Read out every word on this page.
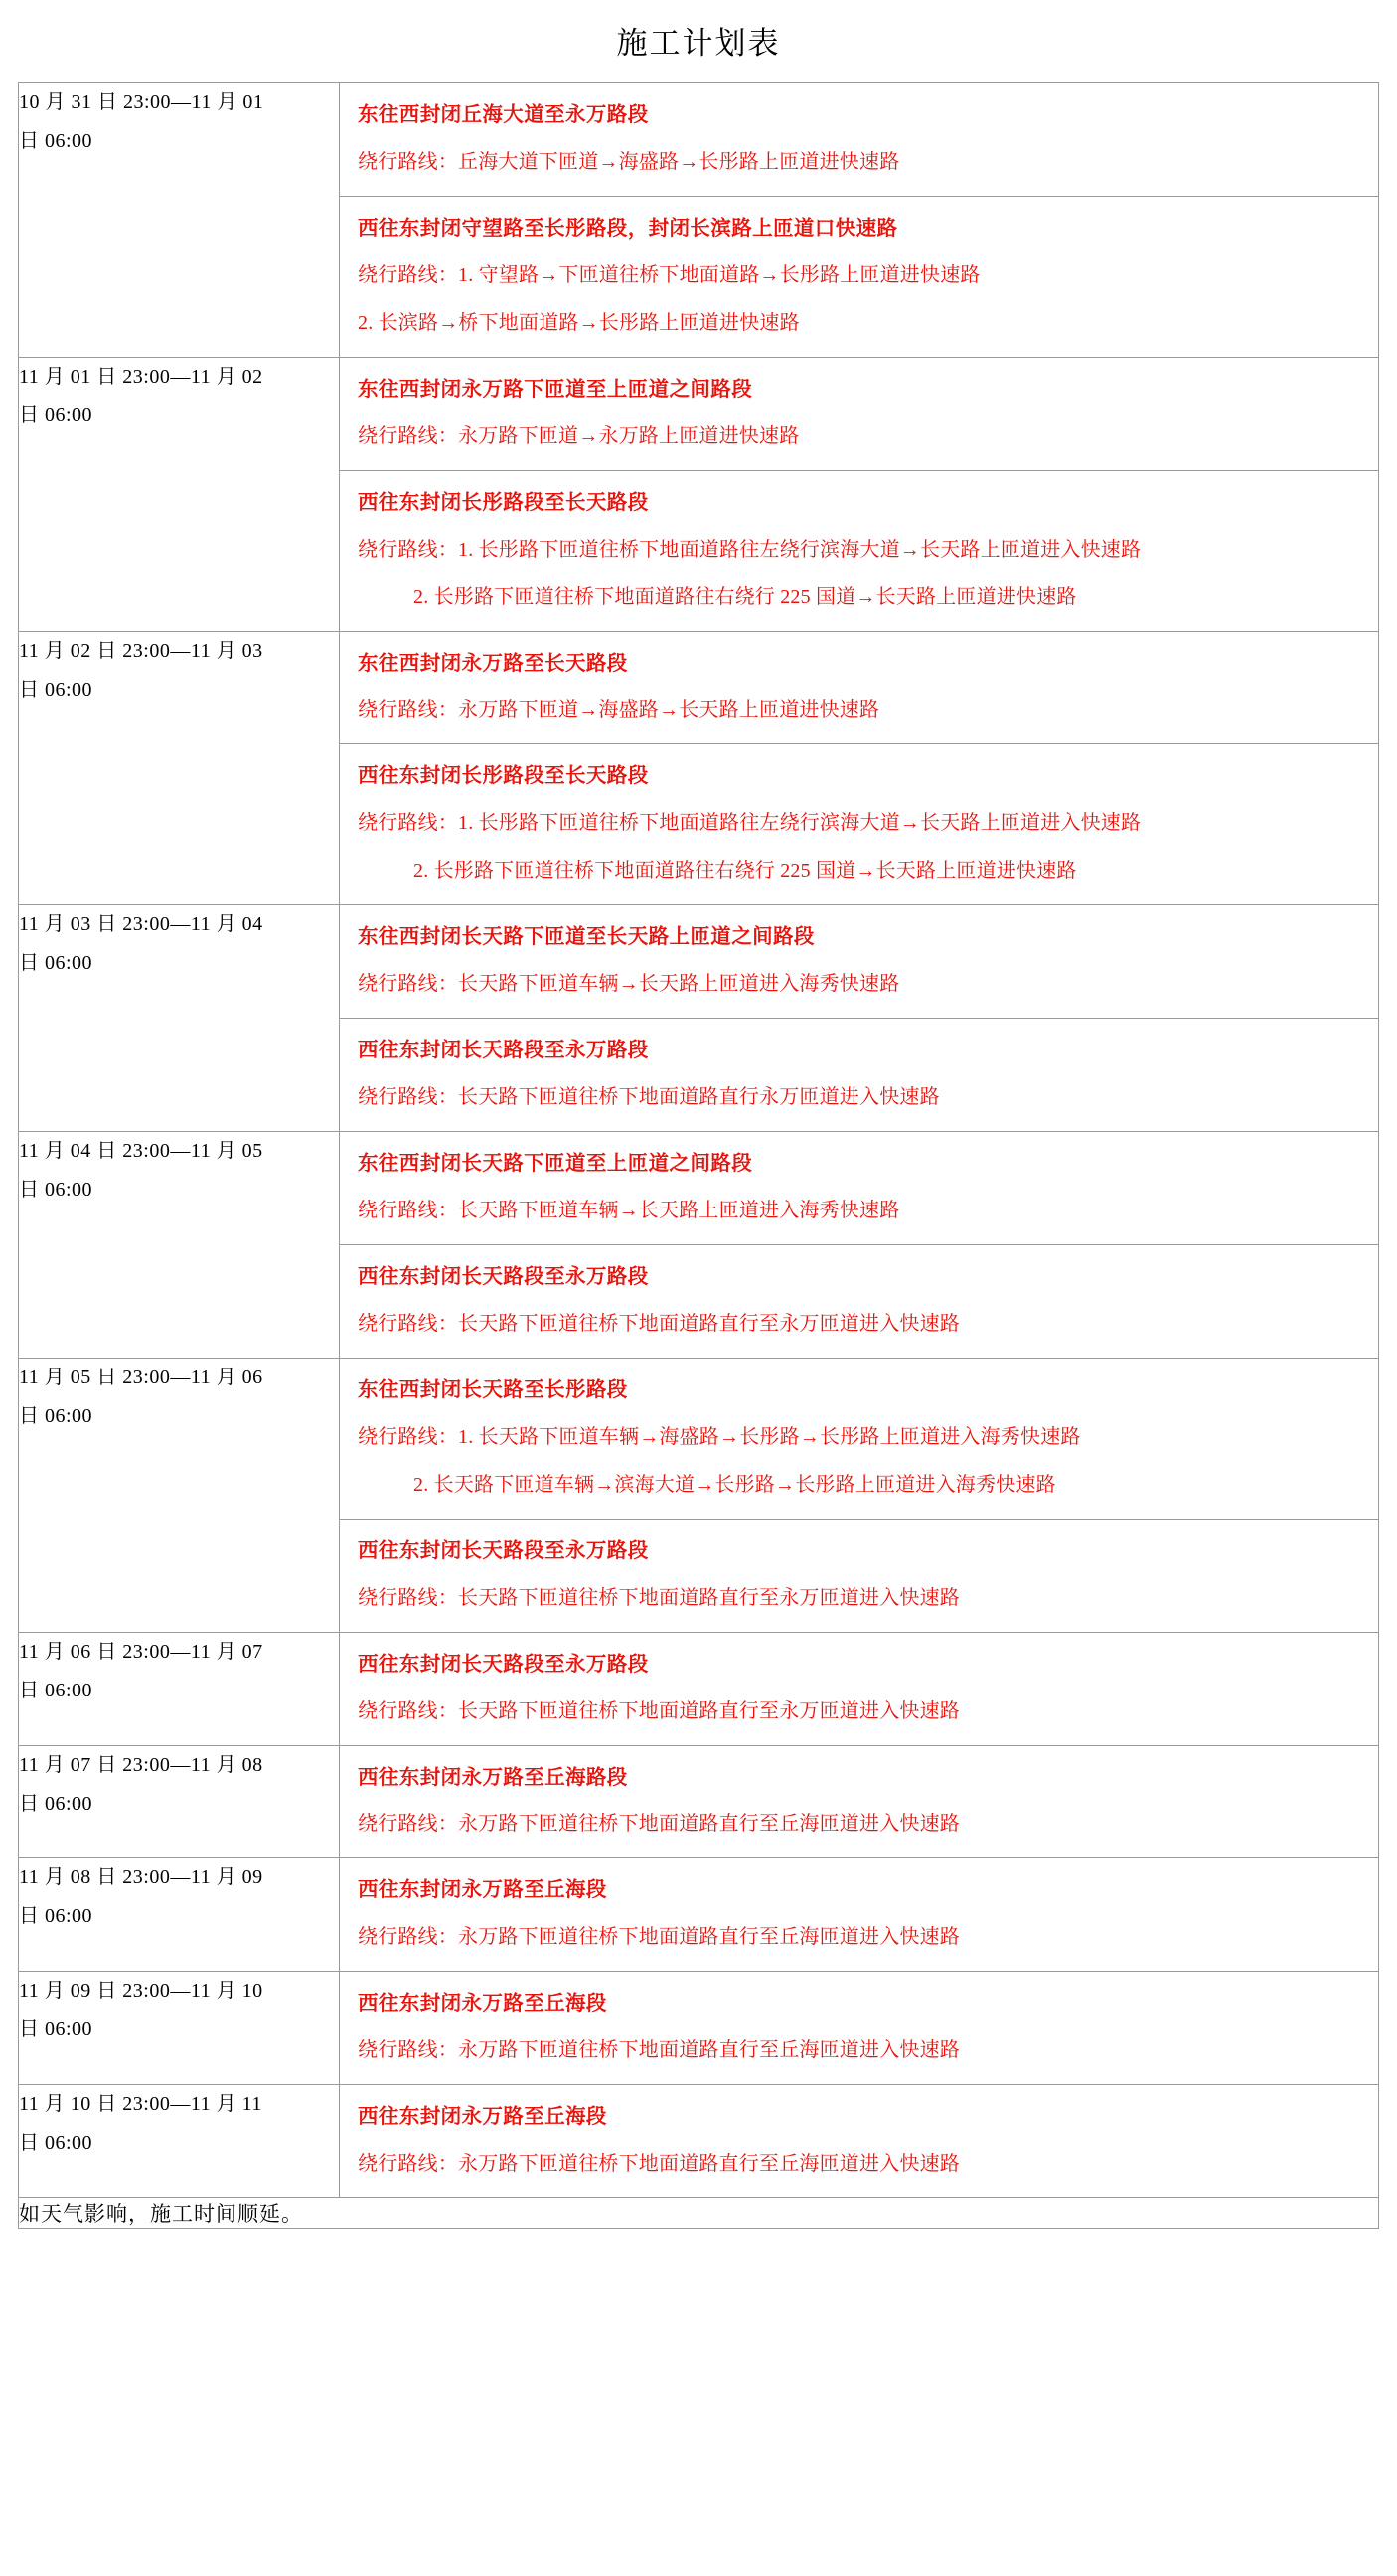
施工计划表
10 月 31 日 23:00—11 月 01
日 06:00

东往西封闭丘海大道至永万路段
绕行路线：丘海大道下匝道→海盛路→长彤路上匝道进快速路
西往东封闭守望路至长彤路段，封闭长滨路上匝道口快速路
绕行路线：1. 守望路→下匝道往桥下地面道路→长彤路上匝道进快速路
2. 长滨路→桥下地面道路→长彤路上匝道进快速路

11 月 01 日 23:00—11 月 02
日 06:00

东往西封闭永万路下匝道至上匝道之间路段
绕行路线：永万路下匝道→永万路上匝道进快速路
西往东封闭长彤路段至长天路段
绕行路线：1. 长彤路下匝道往桥下地面道路往左绕行滨海大道→长天路上匝道进入快速路
2. 长彤路下匝道往桥下地面道路往右绕行 225 国道→长天路上匝道进快速路

11 月 02 日 23:00—11 月 03
日 06:00

东往西封闭永万路至长天路段
绕行路线：永万路下匝道→海盛路→长天路上匝道进快速路
西往东封闭长彤路段至长天路段
绕行路线：1. 长彤路下匝道往桥下地面道路往左绕行滨海大道→长天路上匝道进入快速路
2. 长彤路下匝道往桥下地面道路往右绕行 225 国道→长天路上匝道进快速路

11 月 03 日 23:00—11 月 04
日 06:00

东往西封闭长天路下匝道至长天路上匝道之间路段
绕行路线：长天路下匝道车辆→长天路上匝道进入海秀快速路
西往东封闭长天路段至永万路段
绕行路线：长天路下匝道往桥下地面道路直行永万匝道进入快速路

11 月 04 日 23:00—11 月 05
日 06:00

东往西封闭长天路下匝道至上匝道之间路段
绕行路线：长天路下匝道车辆→长天路上匝道进入海秀快速路
西往东封闭长天路段至永万路段
绕行路线：长天路下匝道往桥下地面道路直行至永万匝道进入快速路

11 月 05 日 23:00—11 月 06
日 06:00

东往西封闭长天路至长彤路段
绕行路线：1. 长天路下匝道车辆→海盛路→长彤路→长彤路上匝道进入海秀快速路
2. 长天路下匝道车辆→滨海大道→长彤路→长彤路上匝道进入海秀快速路
西往东封闭长天路段至永万路段
绕行路线：长天路下匝道往桥下地面道路直行至永万匝道进入快速路

11 月 06 日 23:00—11 月 07
日 06:00

西往东封闭长天路段至永万路段
绕行路线：长天路下匝道往桥下地面道路直行至永万匝道进入快速路

11 月 07 日 23:00—11 月 08
日 06:00

西往东封闭永万路至丘海路段
绕行路线：永万路下匝道往桥下地面道路直行至丘海匝道进入快速路

11 月 08 日 23:00—11 月 09
日 06:00

西往东封闭永万路至丘海段
绕行路线：永万路下匝道往桥下地面道路直行至丘海匝道进入快速路

11 月 09 日 23:00—11 月 10
日 06:00

西往东封闭永万路至丘海段
绕行路线：永万路下匝道往桥下地面道路直行至丘海匝道进入快速路

11 月 10 日 23:00—11 月 11
日 06:00

西往东封闭永万路至丘海段
绕行路线：永万路下匝道往桥下地面道路直行至丘海匝道进入快速路

如天气影响，施工时间顺延。	
